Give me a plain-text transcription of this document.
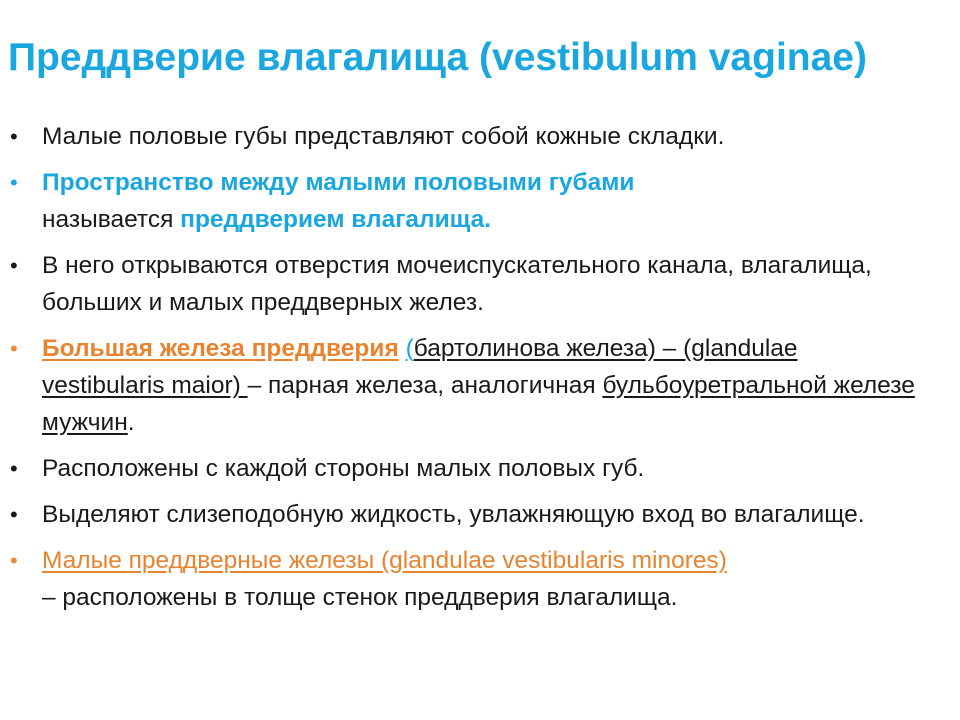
Преддверие влагалища (vestibulum vaginae)
• Малые половые губы представляют собой кожные складки.
• Пространство между малыми половыми губами
называется преддверием влагалища.
• В него открываются отверстия мочеиспускательного канала, влагалища, больших и малых преддверных желез.
• Большая железа преддверия (бартолинова железа) – (glandulae vestibularis maior) – парная железа, аналогичная бульбоуретральной железе мужчин.
• Расположены с каждой стороны малых половых губ.
• Выделяют слизеподобную жидкость, увлажняющую вход во влагалище.
• Малые преддверные железы (glandulae vestibularis minores)
– расположены в толще стенок преддверия влагалища.
